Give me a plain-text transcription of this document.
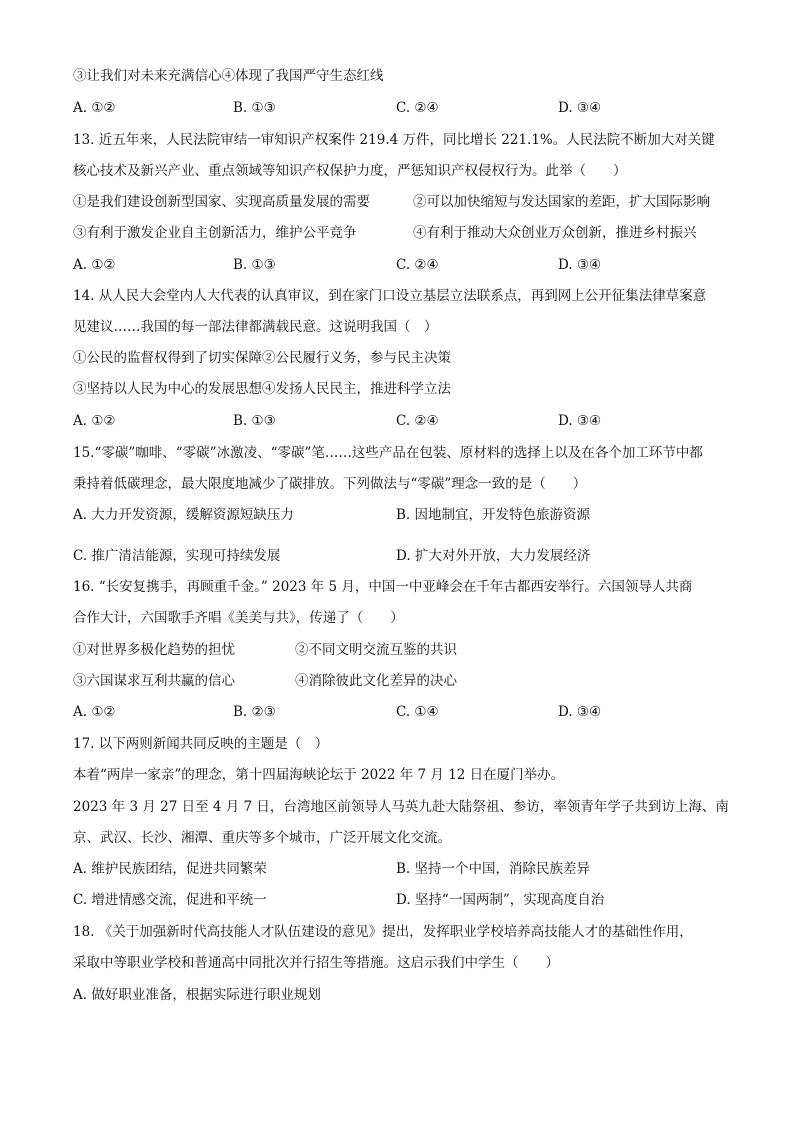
③让我们对未来充满信心④体现了我国严守生态红线
A. ①②	B. ①③	C. ②④	D. ③④
13. 近五年来，人民法院审结一审知识产权案件 219.4 万件，同比增长 221.1%。人民法院不断加大对关键
核心技术及新兴产业、重点领域等知识产权保护力度，严惩知识产权侵权行为。此举（　　）
①是我们建设创新型国家、实现高质量发展的需要	②可以加快缩短与发达国家的差距，扩大国际影响
③有利于激发企业自主创新活力，维护公平竞争	④有利于推动大众创业万众创新，推进乡村振兴
A. ①②	B. ①③	C. ②④	D. ③④
14. 从人民大会堂内人大代表的认真审议，到在家门口设立基层立法联系点，再到网上公开征集法律草案意
见建议……我国的每一部法律都满载民意。这说明我国（　）
①公民的监督权得到了切实保障②公民履行义务，参与民主决策
③坚持以人民为中心的发展思想④发扬人民民主，推进科学立法
A. ①②	B. ①③	C. ②④	D. ③④
15.“零碳”咖啡、“零碳”冰激凌、“零碳”笔……这些产品在包装、原材料的选择上以及在各个加工环节中都
秉持着低碳理念，最大限度地减少了碳排放。下列做法与“零碳”理念一致的是（　　）
A. 大力开发资源，缓解资源短缺压力	B. 因地制宜，开发特色旅游资源
C. 推广清洁能源，实现可持续发展	D. 扩大对外开放，大力发展经济
16. “长安复携手，再顾重千金。” 2023 年 5 月，中国一中亚峰会在千年古都西安举行。六国领导人共商
合作大计，六国歌手齐唱《美美与共》，传递了（　　）
①对世界多极化趋势的担忧	②不同文明交流互鉴的共识
③六国谋求互利共赢的信心	④消除彼此文化差异的决心
A. ①②	B. ②③	C. ①④	D. ③④
17. 以下两则新闻共同反映的主题是（　）
本着“两岸一家亲”的理念，第十四届海峡论坛于 2022 年 7 月 12 日在厦门举办。
2023 年 3 月 27 日至 4 月 7 日，台湾地区前领导人马英九赴大陆祭祖、参访，率领青年学子共到访上海、南
京、武汉、长沙、湘潭、重庆等多个城市，广泛开展文化交流。
A. 维护民族团结，促进共同繁荣	B. 坚持一个中国，消除民族差异
C. 增进情感交流，促进和平统一	D. 坚持“一国两制”，实现高度自治
18. 《关于加强新时代高技能人才队伍建设的意见》提出，发挥职业学校培养高技能人才的基础性作用，
采取中等职业学校和普通高中同批次并行招生等措施。这启示我们中学生（　　）
A. 做好职业准备，根据实际进行职业规划
